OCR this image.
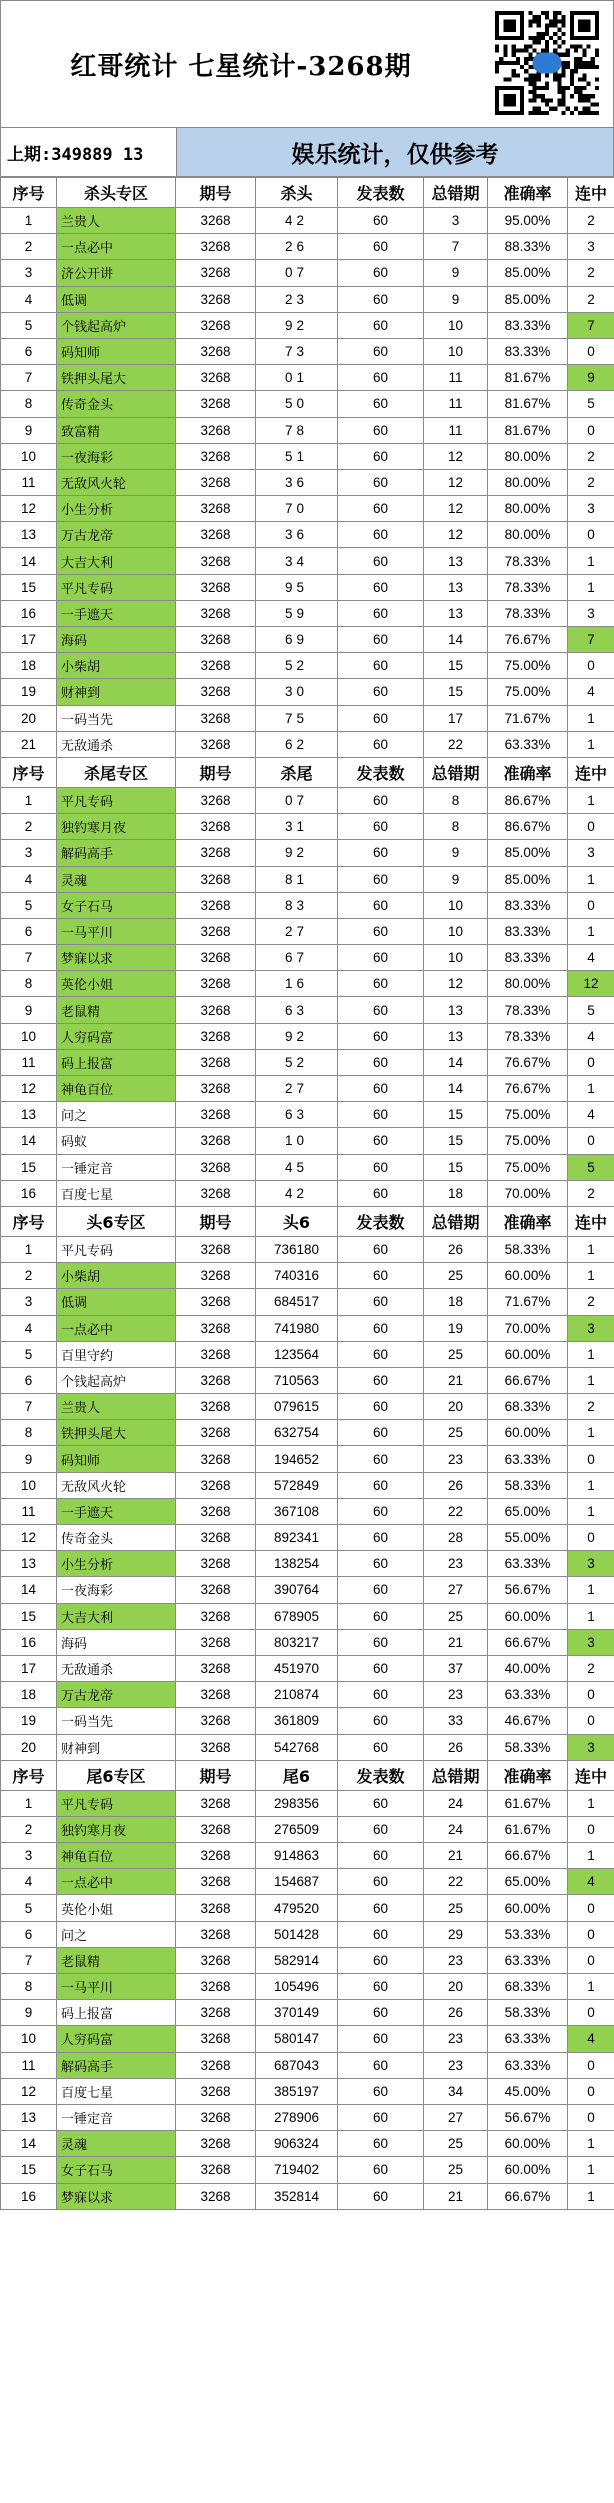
红哥统计 七星统计-3268期
上期:349889 13	娱乐统计，仅供参考
序号	杀头专区	期号	杀头	发表数	总错期	准确率	连中
1	兰贵人	3268	42	60	3	95.00%	2
2	一点必中	3268	26	60	7	88.33%	3
3	济公开讲	3268	07	60	9	85.00%	2
4	低调	3268	23	60	9	85.00%	2
5	个钱起高炉	3268	92	60	10	83.33%	7
6	码知师	3268	73	60	10	83.33%	0
7	铁押头尾大	3268	01	60	11	81.67%	9
8	传奇金头	3268	50	60	11	81.67%	5
9	致富精	3268	78	60	11	81.67%	0
10	一夜海彩	3268	51	60	12	80.00%	2
11	无敌风火轮	3268	36	60	12	80.00%	2
12	小生分析	3268	70	60	12	80.00%	3
13	万古龙帝	3268	36	60	12	80.00%	0
14	大吉大利	3268	34	60	13	78.33%	1
15	平凡专码	3268	95	60	13	78.33%	1
16	一手遮天	3268	59	60	13	78.33%	3
17	海码	3268	69	60	14	76.67%	7
18	小柴胡	3268	52	60	15	75.00%	0
19	财神到	3268	30	60	15	75.00%	4
20	一码当先	3268	75	60	17	71.67%	1
21	无敌通杀	3268	62	60	22	63.33%	1
序号	杀尾专区	期号	杀尾	发表数	总错期	准确率	连中
1	平凡专码	3268	07	60	8	86.67%	1
2	独钓寒月夜	3268	31	60	8	86.67%	0
3	解码高手	3268	92	60	9	85.00%	3
4	灵魂	3268	81	60	9	85.00%	1
5	女子石马	3268	83	60	10	83.33%	0
6	一马平川	3268	27	60	10	83.33%	1
7	梦寐以求	3268	67	60	10	83.33%	4
8	英伦小姐	3268	16	60	12	80.00%	12
9	老鼠精	3268	63	60	13	78.33%	5
10	人穷码富	3268	92	60	13	78.33%	4
11	码上报富	3268	52	60	14	76.67%	0
12	神龟百位	3268	27	60	14	76.67%	1
13	问之	3268	63	60	15	75.00%	4
14	码蚁	3268	10	60	15	75.00%	0
15	一锤定音	3268	45	60	15	75.00%	5
16	百度七星	3268	42	60	18	70.00%	2
序号	头6专区	期号	头6	发表数	总错期	准确率	连中
1	平凡专码	3268	736180	60	26	58.33%	1
2	小柴胡	3268	740316	60	25	60.00%	1
3	低调	3268	684517	60	18	71.67%	2
4	一点必中	3268	741980	60	19	70.00%	3
5	百里守约	3268	123564	60	25	60.00%	1
6	个钱起高炉	3268	710563	60	21	66.67%	1
7	兰贵人	3268	079615	60	20	68.33%	2
8	铁押头尾大	3268	632754	60	25	60.00%	1
9	码知师	3268	194652	60	23	63.33%	0
10	无敌风火轮	3268	572849	60	26	58.33%	1
11	一手遮天	3268	367108	60	22	65.00%	1
12	传奇金头	3268	892341	60	28	55.00%	0
13	小生分析	3268	138254	60	23	63.33%	3
14	一夜海彩	3268	390764	60	27	56.67%	1
15	大吉大利	3268	678905	60	25	60.00%	1
16	海码	3268	803217	60	21	66.67%	3
17	无敌通杀	3268	451970	60	37	40.00%	2
18	万古龙帝	3268	210874	60	23	63.33%	0
19	一码当先	3268	361809	60	33	46.67%	0
20	财神到	3268	542768	60	26	58.33%	3
序号	尾6专区	期号	尾6	发表数	总错期	准确率	连中
1	平凡专码	3268	298356	60	24	61.67%	1
2	独钓寒月夜	3268	276509	60	24	61.67%	0
3	神龟百位	3268	914863	60	21	66.67%	1
4	一点必中	3268	154687	60	22	65.00%	4
5	英伦小姐	3268	479520	60	25	60.00%	0
6	问之	3268	501428	60	29	53.33%	0
7	老鼠精	3268	582914	60	23	63.33%	0
8	一马平川	3268	105496	60	20	68.33%	1
9	码上报富	3268	370149	60	26	58.33%	0
10	人穷码富	3268	580147	60	23	63.33%	4
11	解码高手	3268	687043	60	23	63.33%	0
12	百度七星	3268	385197	60	34	45.00%	0
13	一锤定音	3268	278906	60	27	56.67%	0
14	灵魂	3268	906324	60	25	60.00%	1
15	女子石马	3268	719402	60	25	60.00%	1
16	梦寐以求	3268	352814	60	21	66.67%	1
